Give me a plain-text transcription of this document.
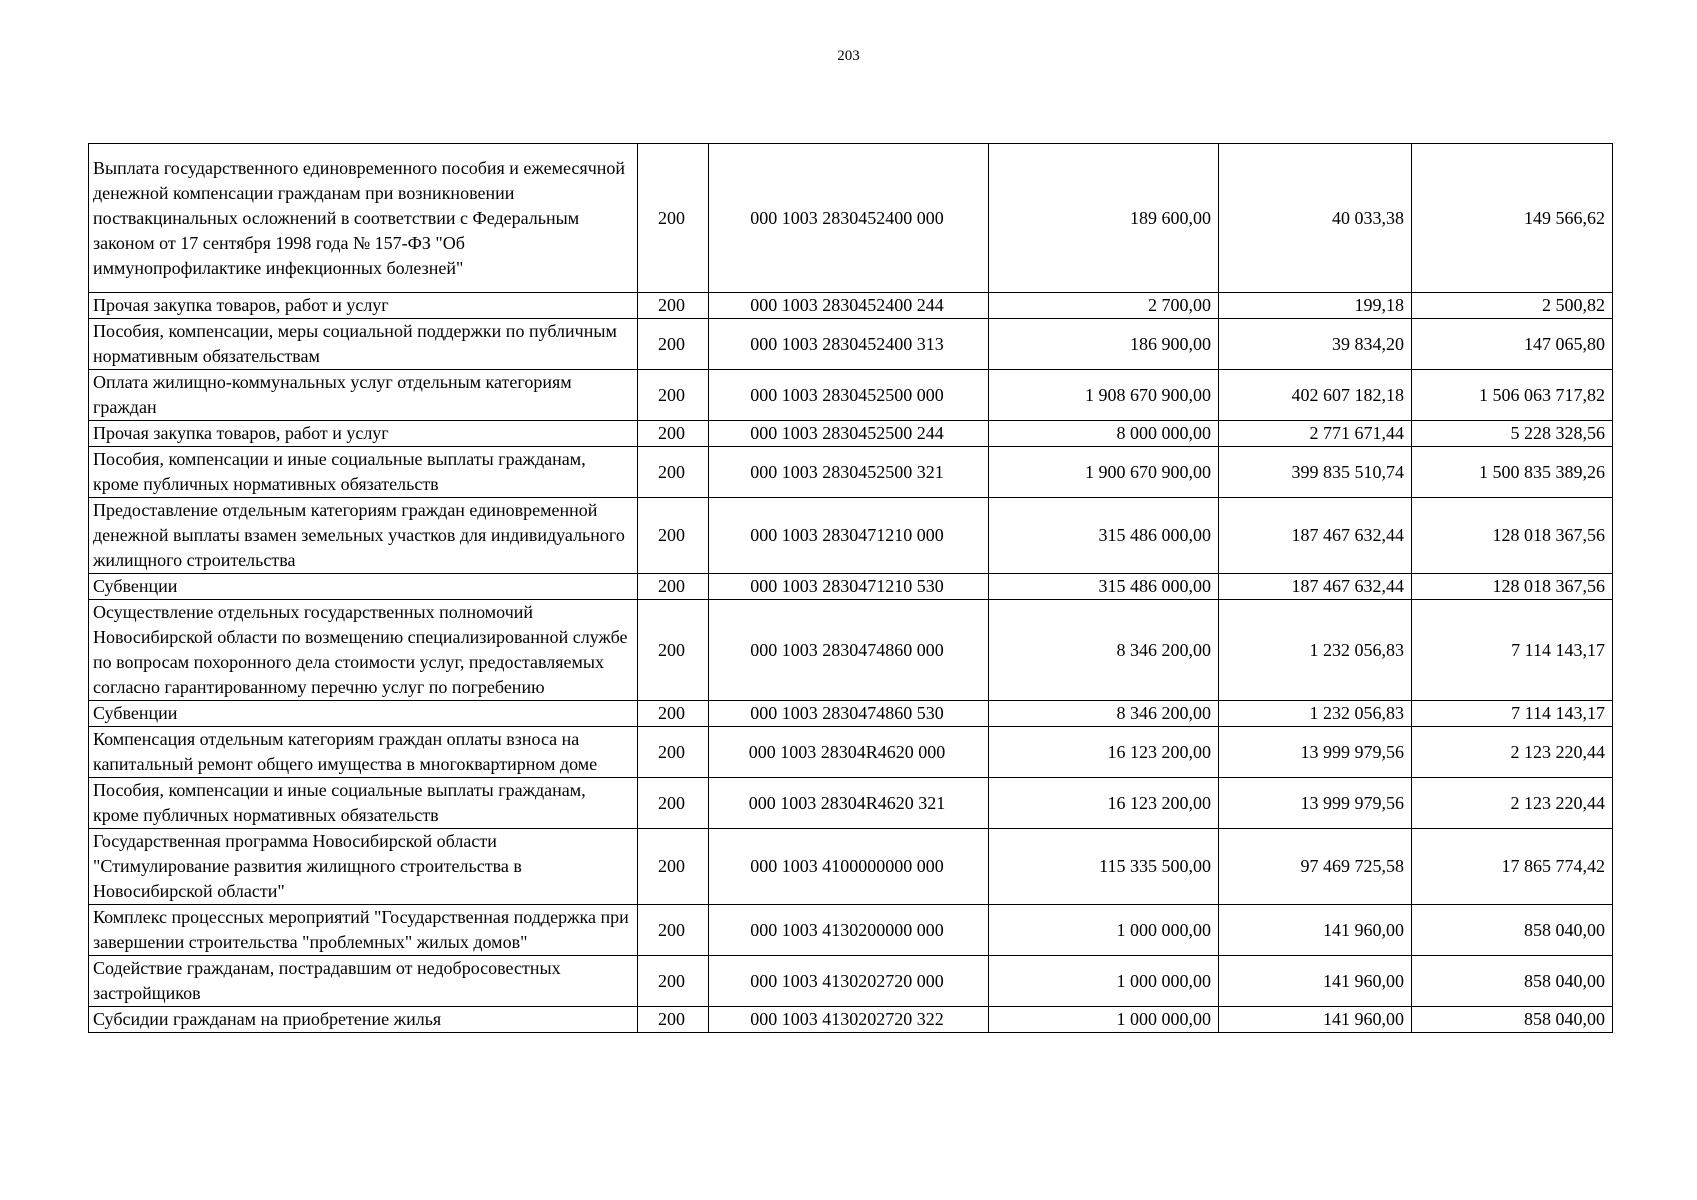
203
Выплата государственного единовременного пособия и ежемесячной денежной компенсации гражданам при возникновении поствакцинальных осложнений в соответствии с Федеральным законом от 17 сентября 1998 года № 157-ФЗ "Об иммунопрофилактике инфекционных болезней"	200	000 1003 2830452400 000	189 600,00	40 033,38	149 566,62
Прочая закупка товаров, работ и услуг	200	000 1003 2830452400 244	2 700,00	199,18	2 500,82
Пособия, компенсации, меры социальной поддержки по публичным нормативным обязательствам	200	000 1003 2830452400 313	186 900,00	39 834,20	147 065,80
Оплата жилищно-коммунальных услуг отдельным категориям граждан	200	000 1003 2830452500 000	1 908 670 900,00	402 607 182,18	1 506 063 717,82
Прочая закупка товаров, работ и услуг	200	000 1003 2830452500 244	8 000 000,00	2 771 671,44	5 228 328,56
Пособия, компенсации и иные социальные выплаты гражданам, кроме публичных нормативных обязательств	200	000 1003 2830452500 321	1 900 670 900,00	399 835 510,74	1 500 835 389,26
Предоставление отдельным категориям граждан единовременной денежной выплаты взамен земельных участков для индивидуального жилищного строительства	200	000 1003 2830471210 000	315 486 000,00	187 467 632,44	128 018 367,56
Субвенции	200	000 1003 2830471210 530	315 486 000,00	187 467 632,44	128 018 367,56
Осуществление отдельных государственных полномочий Новосибирской области по возмещению специализированной службе по вопросам похоронного дела стоимости услуг, предоставляемых согласно гарантированному перечню услуг по погребению	200	000 1003 2830474860 000	8 346 200,00	1 232 056,83	7 114 143,17
Субвенции	200	000 1003 2830474860 530	8 346 200,00	1 232 056,83	7 114 143,17
Компенсация отдельным категориям граждан оплаты взноса на капитальный ремонт общего имущества в многоквартирном доме	200	000 1003 28304R4620 000	16 123 200,00	13 999 979,56	2 123 220,44
Пособия, компенсации и иные социальные выплаты гражданам, кроме публичных нормативных обязательств	200	000 1003 28304R4620 321	16 123 200,00	13 999 979,56	2 123 220,44
Государственная программа Новосибирской области "Стимулирование развития жилищного строительства в Новосибирской области"	200	000 1003 4100000000 000	115 335 500,00	97 469 725,58	17 865 774,42
Комплекс процессных мероприятий "Государственная поддержка при завершении строительства "проблемных" жилых домов"	200	000 1003 4130200000 000	1 000 000,00	141 960,00	858 040,00
Содействие гражданам, пострадавшим от недобросовестных застройщиков	200	000 1003 4130202720 000	1 000 000,00	141 960,00	858 040,00
Субсидии гражданам на приобретение жилья	200	000 1003 4130202720 322	1 000 000,00	141 960,00	858 040,00
